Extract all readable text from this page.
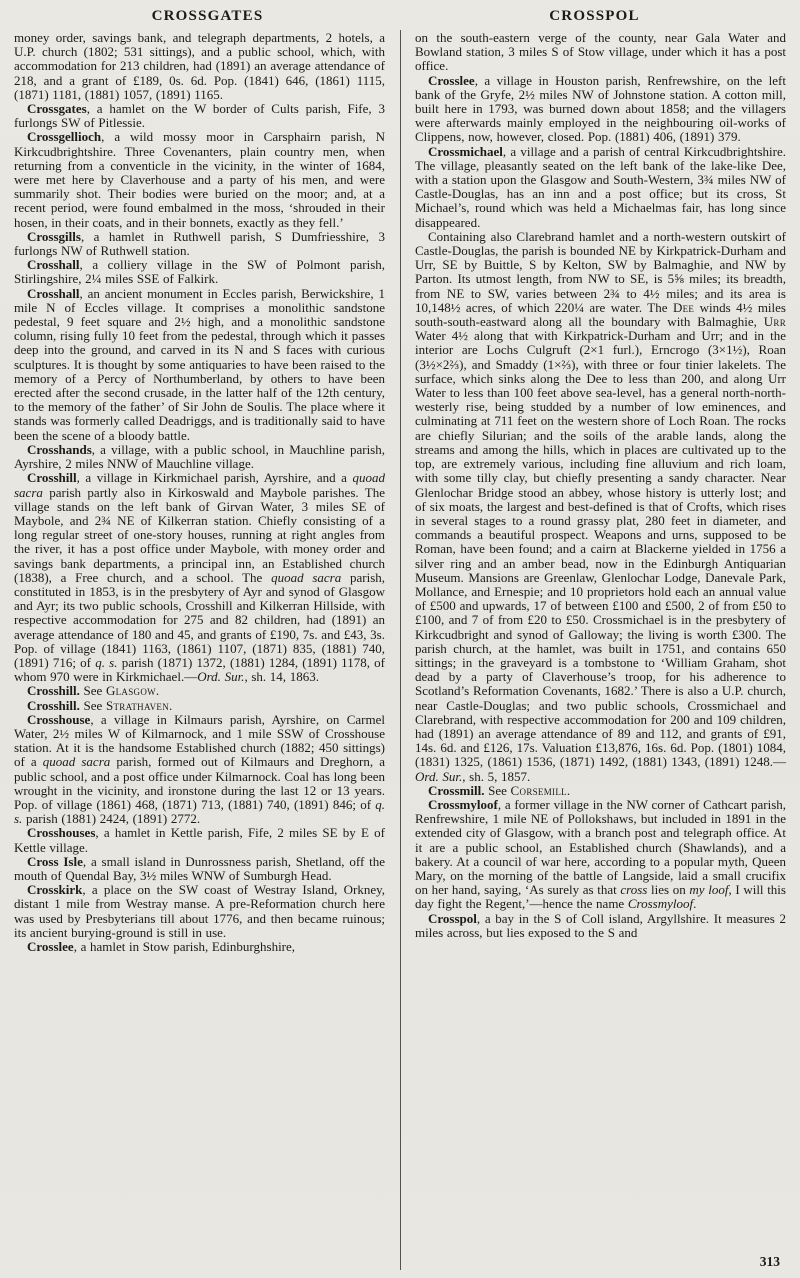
CROSSGATES	CROSSPOL

money order, savings bank, and telegraph departments, 2 hotels, a U.P. church (1802; 531 sittings), and a public school, which, with accommodation for 213 children, had (1891) an average attendance of 218, and a grant of £189, 0s. 6d. Pop. (1841) 646, (1861) 1115, (1871) 1181, (1881) 1057, (1891) 1165.

Crossgates, a hamlet on the W border of Cults parish, Fife, 3 furlongs SW of Pitlessie.

Crossgellioch, a wild mossy moor in Carsphairn parish, N Kirkcudbrightshire. Three Covenanters, plain country men, when returning from a conventicle in the vicinity, in the winter of 1684, were met here by Claverhouse and a party of his men, and were summarily shot. Their bodies were buried on the moor; and, at a recent period, were found embalmed in the moss, ‘shrouded in their hosen, in their coats, and in their bonnets, exactly as they fell.’

Crossgills, a hamlet in Ruthwell parish, S Dumfriesshire, 3 furlongs NW of Ruthwell station.

Crosshall, a colliery village in the SW of Polmont parish, Stirlingshire, 2¼ miles SSE of Falkirk.

Crosshall, an ancient monument in Eccles parish, Berwickshire, 1 mile N of Eccles village. It comprises a monolithic sandstone pedestal, 9 feet square and 2½ high, and a monolithic sandstone column, rising fully 10 feet from the pedestal, through which it passes deep into the ground, and carved in its N and S faces with curious sculptures. It is thought by some antiquaries to have been raised to the memory of a Percy of Northumberland, by others to have been erected after the second crusade, in the latter half of the 12th century, to the memory of the father’ of Sir John de Soulis. The place where it stands was formerly called Deadriggs, and is traditionally said to have been the scene of a bloody battle.

Crosshands, a village, with a public school, in Mauchline parish, Ayrshire, 2 miles NNW of Mauchline village.

Crosshill, a village in Kirkmichael parish, Ayrshire, and a quoad sacra parish partly also in Kirkoswald and Maybole parishes. The village stands on the left bank of Girvan Water, 3 miles SE of Maybole, and 2¾ NE of Kilkerran station. Chiefly consisting of a long regular street of one-story houses, running at right angles from the river, it has a post office under Maybole, with money order and savings bank departments, a principal inn, an Established church (1838), a Free church, and a school. The quoad sacra parish, constituted in 1853, is in the presbytery of Ayr and synod of Glasgow and Ayr; its two public schools, Crosshill and Kilkerran Hillside, with respective accommodation for 275 and 82 children, had (1891) an average attendance of 180 and 45, and grants of £190, 7s. and £43, 3s. Pop. of village (1841) 1163, (1861) 1107, (1871) 835, (1881) 740, (1891) 716; of q. s. parish (1871) 1372, (1881) 1284, (1891) 1178, of whom 970 were in Kirkmichael.—Ord. Sur., sh. 14, 1863.

Crosshill. See Glasgow.

Crosshill. See Strathaven.

Crosshouse, a village in Kilmaurs parish, Ayrshire, on Carmel Water, 2½ miles W of Kilmarnock, and 1 mile SSW of Crosshouse station. At it is the handsome Established church (1882; 450 sittings) of a quoad sacra parish, formed out of Kilmaurs and Dreghorn, a public school, and a post office under Kilmarnock. Coal has long been wrought in the vicinity, and ironstone during the last 12 or 13 years. Pop. of village (1861) 468, (1871) 713, (1881) 740, (1891) 846; of q. s. parish (1881) 2424, (1891) 2772.

Crosshouses, a hamlet in Kettle parish, Fife, 2 miles SE by E of Kettle village.

Cross Isle, a small island in Dunrossness parish, Shetland, off the mouth of Quendal Bay, 3½ miles WNW of Sumburgh Head.

Crosskirk, a place on the SW coast of Westray Island, Orkney, distant 1 mile from Westray manse. A pre-Reformation church here was used by Presbyterians till about 1776, and then became ruinous; its ancient burying-ground is still in use.

Crosslee, a hamlet in Stow parish, Edinburghshire,

on the south-eastern verge of the county, near Gala Water and Bowland station, 3 miles S of Stow village, under which it has a post office.

Crosslee, a village in Houston parish, Renfrewshire, on the left bank of the Gryfe, 2½ miles NW of Johnstone station. A cotton mill, built here in 1793, was burned down about 1858; and the villagers were afterwards mainly employed in the neighbouring oil-works of Clippens, now, however, closed. Pop. (1881) 406, (1891) 379.

Crossmichael, a village and a parish of central Kirkcudbrightshire. The village, pleasantly seated on the left bank of the lake-like Dee, with a station upon the Glasgow and South-Western, 3¾ miles NW of Castle-Douglas, has an inn and a post office; but its cross, St Michael’s, round which was held a Michaelmas fair, has long since disappeared.

Containing also Clarebrand hamlet and a north-western outskirt of Castle-Douglas, the parish is bounded NE by Kirkpatrick-Durham and Urr, SE by Buittle, S by Kelton, SW by Balmaghie, and NW by Parton. Its utmost length, from NW to SE, is 5⅝ miles; its breadth, from NE to SW, varies between 2¾ to 4½ miles; and its area is 10,148½ acres, of which 220¼ are water. The Dee winds 4½ miles south-south-eastward along all the boundary with Balmaghie, Urr Water 4½ along that with Kirkpatrick-Durham and Urr; and in the interior are Lochs Culgruft (2×1 furl.), Erncrogo (3×1½), Roan (3½×2⅔), and Smaddy (1×⅔), with three or four tinier lakelets. The surface, which sinks along the Dee to less than 200, and along Urr Water to less than 100 feet above sea-level, has a general north-north-westerly rise, being studded by a number of low eminences, and culminating at 711 feet on the western shore of Loch Roan. The rocks are chiefly Silurian; and the soils of the arable lands, along the streams and among the hills, which in places are cultivated up to the top, are extremely various, including fine alluvium and rich loam, with some tilly clay, but chiefly presenting a sandy character. Near Glenlochar Bridge stood an abbey, whose history is utterly lost; and of six moats, the largest and best-defined is that of Crofts, which rises in several stages to a round grassy plat, 280 feet in diameter, and commands a beautiful prospect. Weapons and urns, supposed to be Roman, have been found; and a cairn at Blackerne yielded in 1756 a silver ring and an amber bead, now in the Edinburgh Antiquarian Museum. Mansions are Greenlaw, Glenlochar Lodge, Danevale Park, Mollance, and Ernespie; and 10 proprietors hold each an annual value of £500 and upwards, 17 of between £100 and £500, 2 of from £50 to £100, and 7 of from £20 to £50. Crossmichael is in the presbytery of Kirkcudbright and synod of Galloway; the living is worth £300. The parish church, at the hamlet, was built in 1751, and contains 650 sittings; in the graveyard is a tombstone to ‘William Graham, shot dead by a party of Claverhouse’s troop, for his adherence to Scotland’s Reformation Covenants, 1682.’ There is also a U.P. church, near Castle-Douglas; and two public schools, Crossmichael and Clarebrand, with respective accommodation for 200 and 109 children, had (1891) an average attendance of 89 and 112, and grants of £91, 14s. 6d. and £126, 17s. Valuation £13,876, 16s. 6d. Pop. (1801) 1084, (1831) 1325, (1861) 1536, (1871) 1492, (1881) 1343, (1891) 1248.—Ord. Sur., sh. 5, 1857.

Crossmill. See Corsemill.

Crossmyloof, a former village in the NW corner of Cathcart parish, Renfrewshire, 1 mile NE of Pollokshaws, but included in 1891 in the extended city of Glasgow, with a branch post and telegraph office. At it are a public school, an Established church (Shawlands), and a bakery. At a council of war here, according to a popular myth, Queen Mary, on the morning of the battle of Langside, laid a small crucifix on her hand, saying, ‘As surely as that cross lies on my loof, I will this day fight the Regent,’—hence the name Crossmyloof.

Crosspol, a bay in the S of Coll island, Argyllshire. It measures 2 miles across, but lies exposed to the S and

313
